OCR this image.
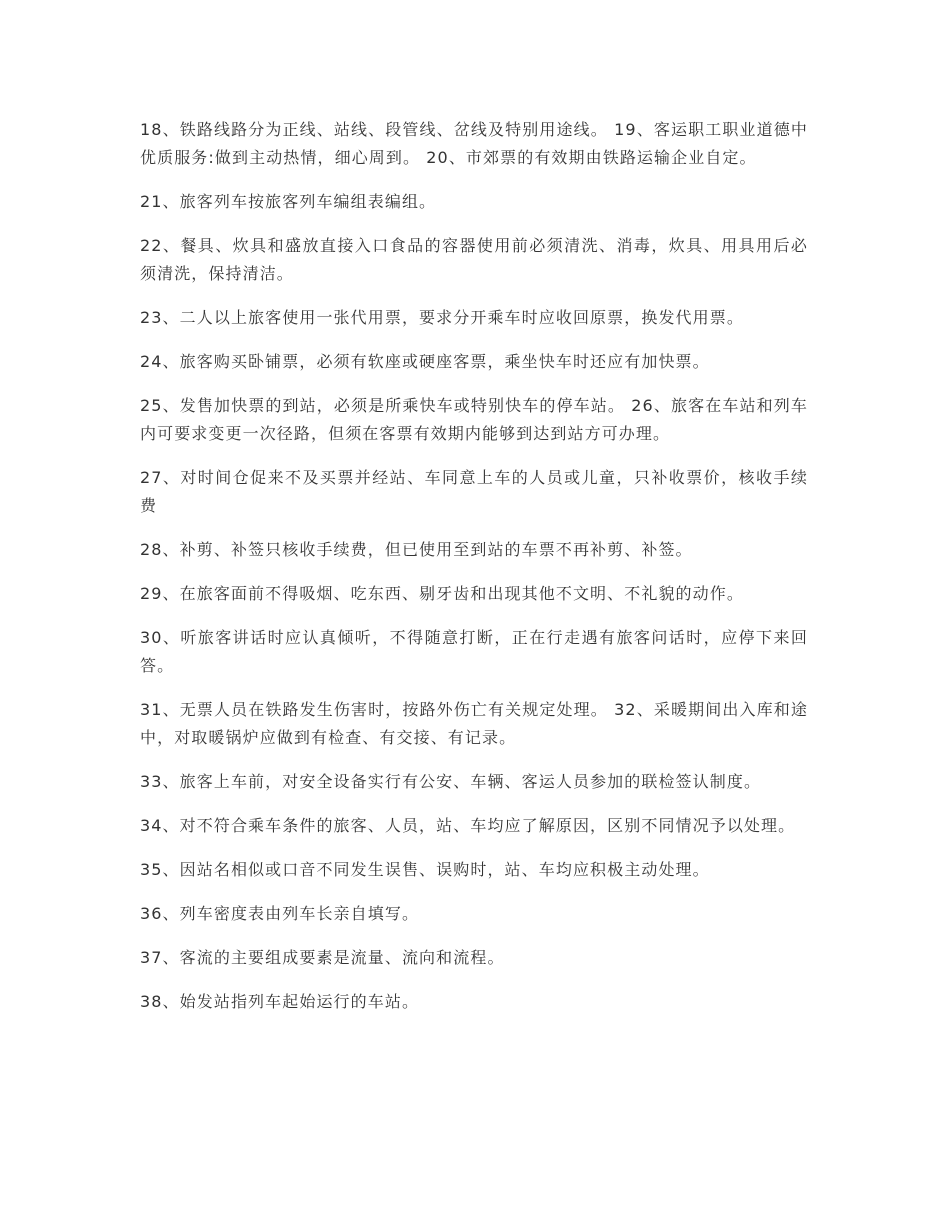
18、铁路线路分为正线、站线、段管线、岔线及特别用途线。 19、客运职工职业道德中优质服务:做到主动热情，细心周到。 20、市郊票的有效期由铁路运输企业自定。

21、旅客列车按旅客列车编组表编组。

22、餐具、炊具和盛放直接入口食品的容器使用前必须清洗、消毒，炊具、用具用后必须清洗，保持清洁。

23、二人以上旅客使用一张代用票，要求分开乘车时应收回原票，换发代用票。

24、旅客购买卧铺票，必须有软座或硬座客票，乘坐快车时还应有加快票。

25、发售加快票的到站，必须是所乘快车或特别快车的停车站。 26、旅客在车站和列车内可要求变更一次径路，但须在客票有效期内能够到达到站方可办理。

27、对时间仓促来不及买票并经站、车同意上车的人员或儿童，只补收票价，核收手续费

28、补剪、补签只核收手续费，但已使用至到站的车票不再补剪、补签。

29、在旅客面前不得吸烟、吃东西、剔牙齿和出现其他不文明、不礼貌的动作。

30、听旅客讲话时应认真倾听，不得随意打断，正在行走遇有旅客问话时，应停下来回答。

31、无票人员在铁路发生伤害时，按路外伤亡有关规定处理。 32、采暖期间出入库和途中，对取暖锅炉应做到有检查、有交接、有记录。

33、旅客上车前，对安全设备实行有公安、车辆、客运人员参加的联检签认制度。

34、对不符合乘车条件的旅客、人员，站、车均应了解原因，区别不同情况予以处理。

35、因站名相似或口音不同发生误售、误购时，站、车均应积极主动处理。

36、列车密度表由列车长亲自填写。

37、客流的主要组成要素是流量、流向和流程。

38、始发站指列车起始运行的车站。
